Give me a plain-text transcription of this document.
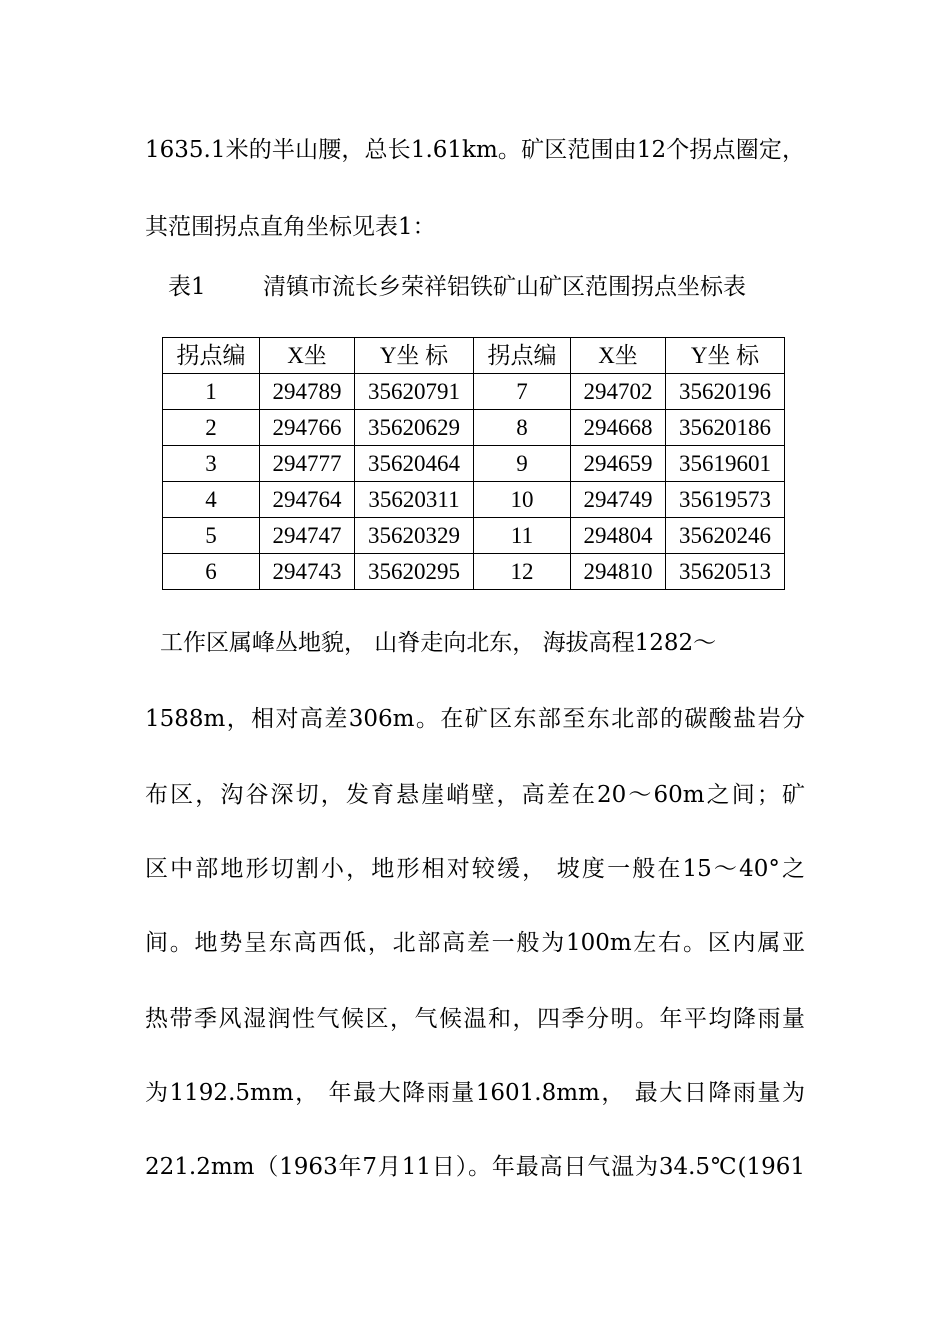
1635.1米的半山腰，总长1.61km。矿区范围由12个拐点圈定，

其范围拐点直角坐标见表1：

表1 清镇市流长乡荣祥铝铁矿山矿区范围拐点坐标表

拐点编	X坐	Y坐 标	拐点编	X坐	Y坐 标
1	294789	35620791	7	294702	35620196
2	294766	35620629	8	294668	35620186
3	294777	35620464	9	294659	35619601
4	294764	35620311	10	294749	35619573
5	294747	35620329	11	294804	35620246
6	294743	35620295	12	294810	35620513

工作区属峰丛地貌， 山脊走向北东， 海拔高程1282～

1588m，相对高差306m。在矿区东部至东北部的碳酸盐岩分

布区，沟谷深切，发育悬崖峭壁，高差在20～60m之间；矿

区中部地形切割小，地形相对较缓， 坡度一般在15～40°之

间。地势呈东高西低，北部高差一般为100m左右。区内属亚

热带季风湿润性气候区，气候温和，四季分明。年平均降雨量

为1192.5mm， 年最大降雨量1601.8mm， 最大日降雨量为

221.2mm（1963年7月11日）。年最高日气温为34.5℃(1961
